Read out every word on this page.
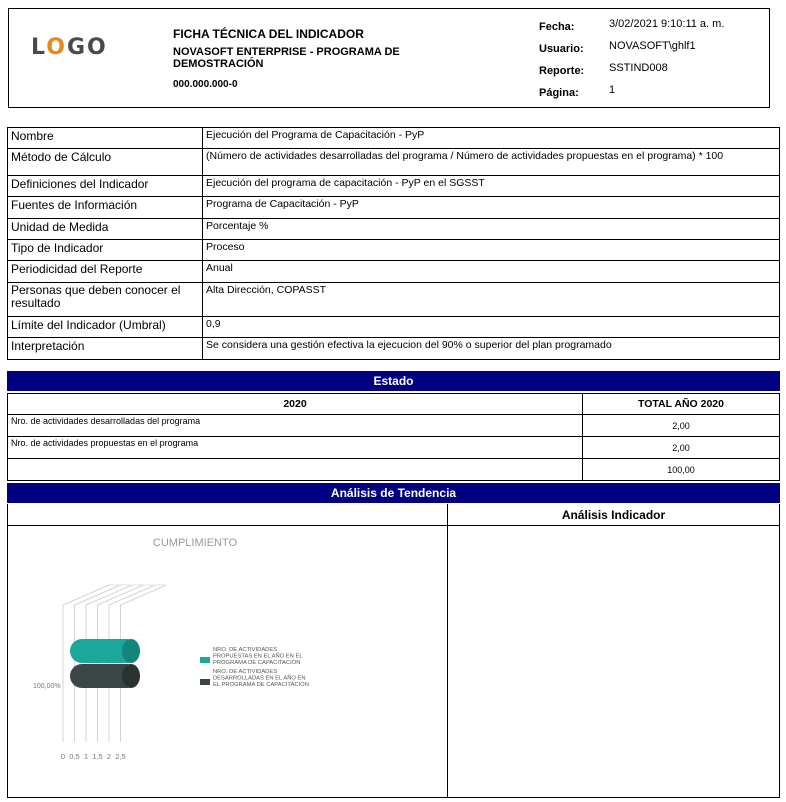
LOGO
FICHA TÉCNICA DEL INDICADOR
NOVASOFT ENTERPRISE - PROGRAMA DE DEMOSTRACIÓN
000.000.000-0
Fecha:	3/02/2021 9:10:11 a. m.
Usuario: NOVASOFT\ghlf1
Reporte: SSTIND008
Página:	1
Nombre	Ejecución del Programa de Capacitación - PyP
Método de Cálculo	(Número de actividades desarrolladas del programa / Número de actividades propuestas en el programa) * 100
Definiciones del Indicador	Ejecución del programa de capacitación - PyP en el SGSST
Fuentes de Información	Programa de Capacitación - PyP
Unidad de Medida	Porcentaje %
Tipo de Indicador	Proceso
Periodicidad del Reporte	Anual
Personas que deben conocer el resultado	Alta Dirección, COPASST
Límite del Indicador (Umbral)	0,9
Interpretación	Se considera una gestión efectiva la ejecucion del 90% o superior del plan programado
Estado
2020	TOTAL AÑO 2020
Nro. de actividades desarrolladas del programa	2,00
Nro. de actividades propuestas en el programa	2,00
	100,00
Análisis de Tendencia
Análisis Indicador
CUMPLIMIENTO
0 0,5 1 1,5 2 2,5
100,00%
NRO. DE ACTIVIDADES PROPUESTAS EN EL AÑO EN EL PROGRAMA DE CAPACITACIÓN
NRO. DE ACTIVIDADES DESARROLLADAS EN EL AÑO EN EL PROGRAMA DE CAPACITACIÓN
